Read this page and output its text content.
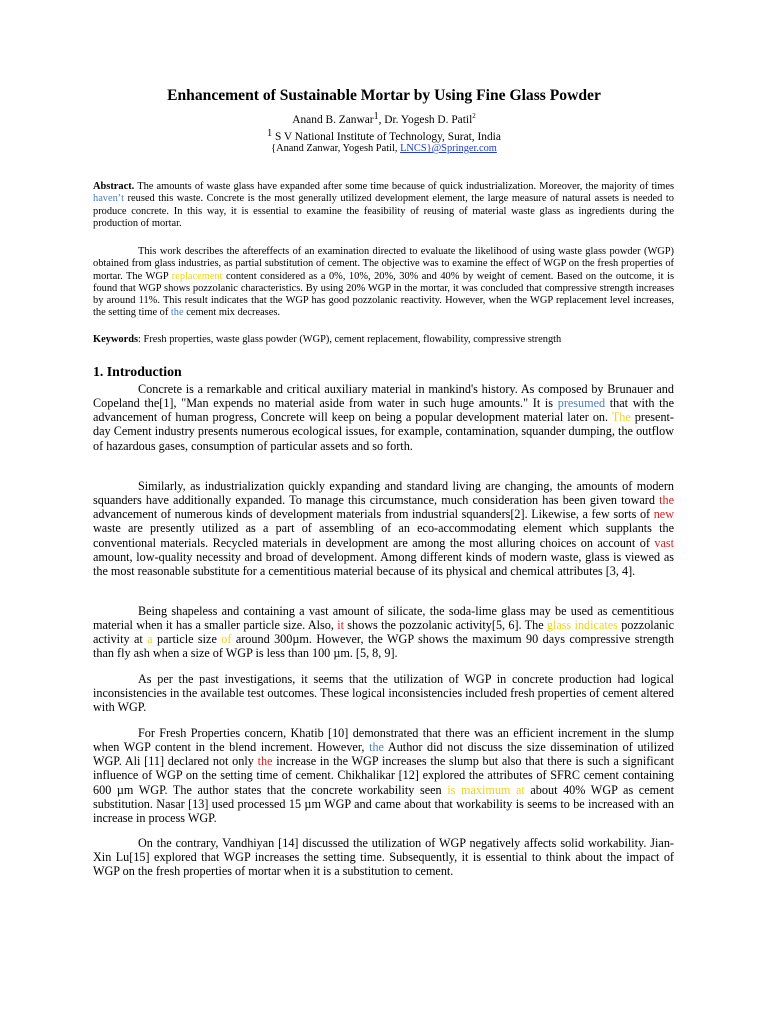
Enhancement of Sustainable Mortar by Using Fine Glass Powder
Anand B. Zanwar$^1$, Dr. Yogesh D. Patil$^2$
$^1$ S V National Institute of Technology, Surat, India
{Anand Zanwar, Yogesh Patil, LNCS}@Springer.com
Abstract. The amounts of waste glass have expanded after some time because of quick industrialization. Moreover, the majority of times haven’t reused this waste. Concrete is the most generally utilized development element, the large measure of natural assets is needed to produce concrete. In this way, it is essential to examine the feasibility of reusing of material waste glass as ingredients during the production of mortar.
This work describes the aftereffects of an examination directed to evaluate the likelihood of using waste glass powder (WGP) obtained from glass industries, as partial substitution of cement. The objective was to examine the effect of WGP on the fresh properties of mortar. The WGP replacement content considered as a 0%, 10%, 20%, 30% and 40% by weight of cement. Based on the outcome, it is found that WGP shows pozzolanic characteristics. By using 20% WGP in the mortar, it was concluded that compressive strength increases by around 11%. This result indicates that the WGP has good pozzolanic reactivity. However, when the WGP replacement level increases, the setting time of the cement mix decreases.
Keywords: Fresh properties, waste glass powder (WGP), cement replacement, flowability, compressive strength
1. Introduction
Concrete is a remarkable and critical auxiliary material in mankind's history. As composed by Brunauer and Copeland the[1], "Man expends no material aside from water in such huge amounts." It is presumed that with the advancement of human progress, Concrete will keep on being a popular development material later on. The present-day Cement industry presents numerous ecological issues, for example, contamination, squander dumping, the outflow of hazardous gases, consumption of particular assets and so forth.
Similarly, as industrialization quickly expanding and standard living are changing, the amounts of modern squanders have additionally expanded. To manage this circumstance, much consideration has been given toward the advancement of numerous kinds of development materials from industrial squanders[2]. Likewise, a few sorts of new waste are presently utilized as a part of assembling of an eco-accommodating element which supplants the conventional materials. Recycled materials in development are among the most alluring choices on account of vast amount, low-quality necessity and broad of development. Among different kinds of modern waste, glass is viewed as the most reasonable substitute for a cementitious material because of its physical and chemical attributes [3, 4].
Being shapeless and containing a vast amount of silicate, the soda-lime glass may be used as cementitious material when it has a smaller particle size. Also, it shows the pozzolanic activity[5, 6]. The glass indicates pozzolanic activity at a particle size of around 300µm. However, the WGP shows the maximum 90 days compressive strength than fly ash when a size of WGP is less than 100 µm. [5, 8, 9].
As per the past investigations, it seems that the utilization of WGP in concrete production had logical inconsistencies in the available test outcomes. These logical inconsistencies included fresh properties of cement altered with WGP.
For Fresh Properties concern, Khatib [10] demonstrated that there was an efficient increment in the slump when WGP content in the blend increment. However, the Author did not discuss the size dissemination of utilized WGP. Ali [11] declared not only the increase in the WGP increases the slump but also that there is such a significant influence of WGP on the setting time of cement. Chikhalikar [12] explored the attributes of SFRC cement containing 600 µm WGP. The author states that the concrete workability seen is maximum at about 40% WGP as cement substitution. Nasar [13] used processed 15 µm WGP and came about that workability is seems to be increased with an increase in process WGP.
On the contrary, Vandhiyan [14] discussed the utilization of WGP negatively affects solid workability. Jian- Xin Lu[15] explored that WGP increases the setting time. Subsequently, it is essential to think about the impact of WGP on the fresh properties of mortar when it is a substitution to cement.
